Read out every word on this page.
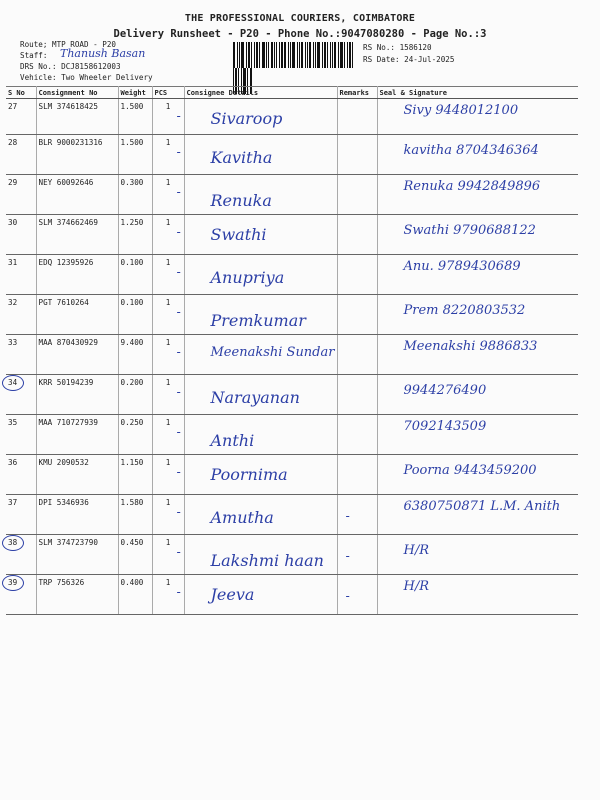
THE PROFESSIONAL COURIERS, COIMBATORE
Delivery Runsheet - P20 - Phone No.:9047080280 - Page No.:3
Route; MTP ROAD - P20
Staff: Thanush Basan
DRS No.: DCJ8158612003
Vehicle: Two Wheeler Delivery
RS No.: 1586120
RS Date: 24-Jul-2025
S No	Consignment No	Weight	PCS	Consignee Details	Remarks	Seal & Signature
27	SLM 374618425	1.500	1	- Sivaroop		Sivy 9448012100

28	BLR 9000231316	1.500	1	- Kavitha		kavitha 8704346364

29	NEY 60092646	0.300	1	- Renuka		Renuka 9942849896

30	SLM 374662469	1.250	1	- Swathi		Swathi 9790688122

31	EDQ 12395926	0.100	1	- Anupriya		Anu. 9789430689

32	PGT 7610264	0.100	1	- Premkumar		Prem 8220803532

33	MAA 870430929	9.400	1	- Meenakshi Sundar		Meenakshi 9886833

34	KRR 50194239	0.200	1	- Narayanan		9944276490

35	MAA 710727939	0.250	1	- Anthi		7092143509

36	KMU 2090532	1.150	1	- Poornima		Poorna 9443459200

37	DPI 5346936	1.580	1	- Amutha	-	6380750871 L.M. Anith

38	SLM 374723790	0.450	1	- Lakshmi haan	-	H/R

39	TRP 756326	0.400	1	- Jeeva	-	H/R
